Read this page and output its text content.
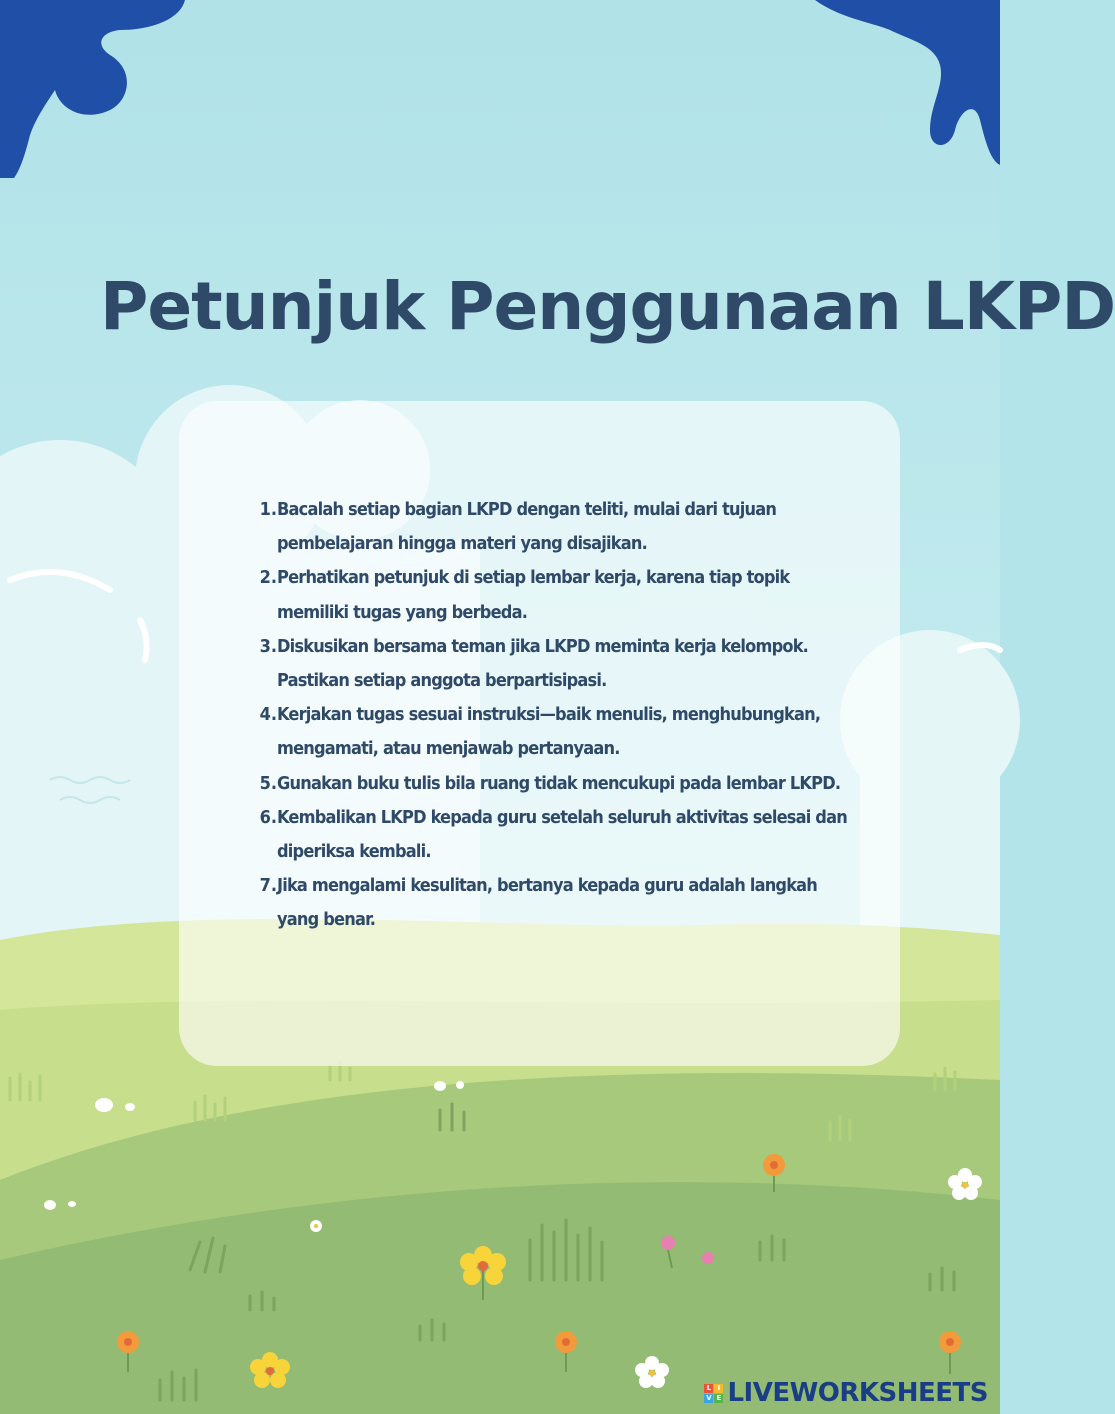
Petunjuk Penggunaan LKPD
1. Bacalah setiap bagian LKPD dengan teliti, mulai dari tujuan pembelajaran hingga materi yang disajikan.
2. Perhatikan petunjuk di setiap lembar kerja, karena tiap topik memiliki tugas yang berbeda.
3. Diskusikan bersama teman jika LKPD meminta kerja kelompok. Pastikan setiap anggota berpartisipasi.
4. Kerjakan tugas sesuai instruksi—baik menulis, menghubungkan, mengamati, atau menjawab pertanyaan.
5. Gunakan buku tulis bila ruang tidak mencukupi pada lembar LKPD.
6. Kembalikan LKPD kepada guru setelah seluruh aktivitas selesai dan diperiksa kembali.
7. Jika mengalami kesulitan, bertanya kepada guru adalah langkah yang benar.
L I
V E LIVEWORKSHEETS
